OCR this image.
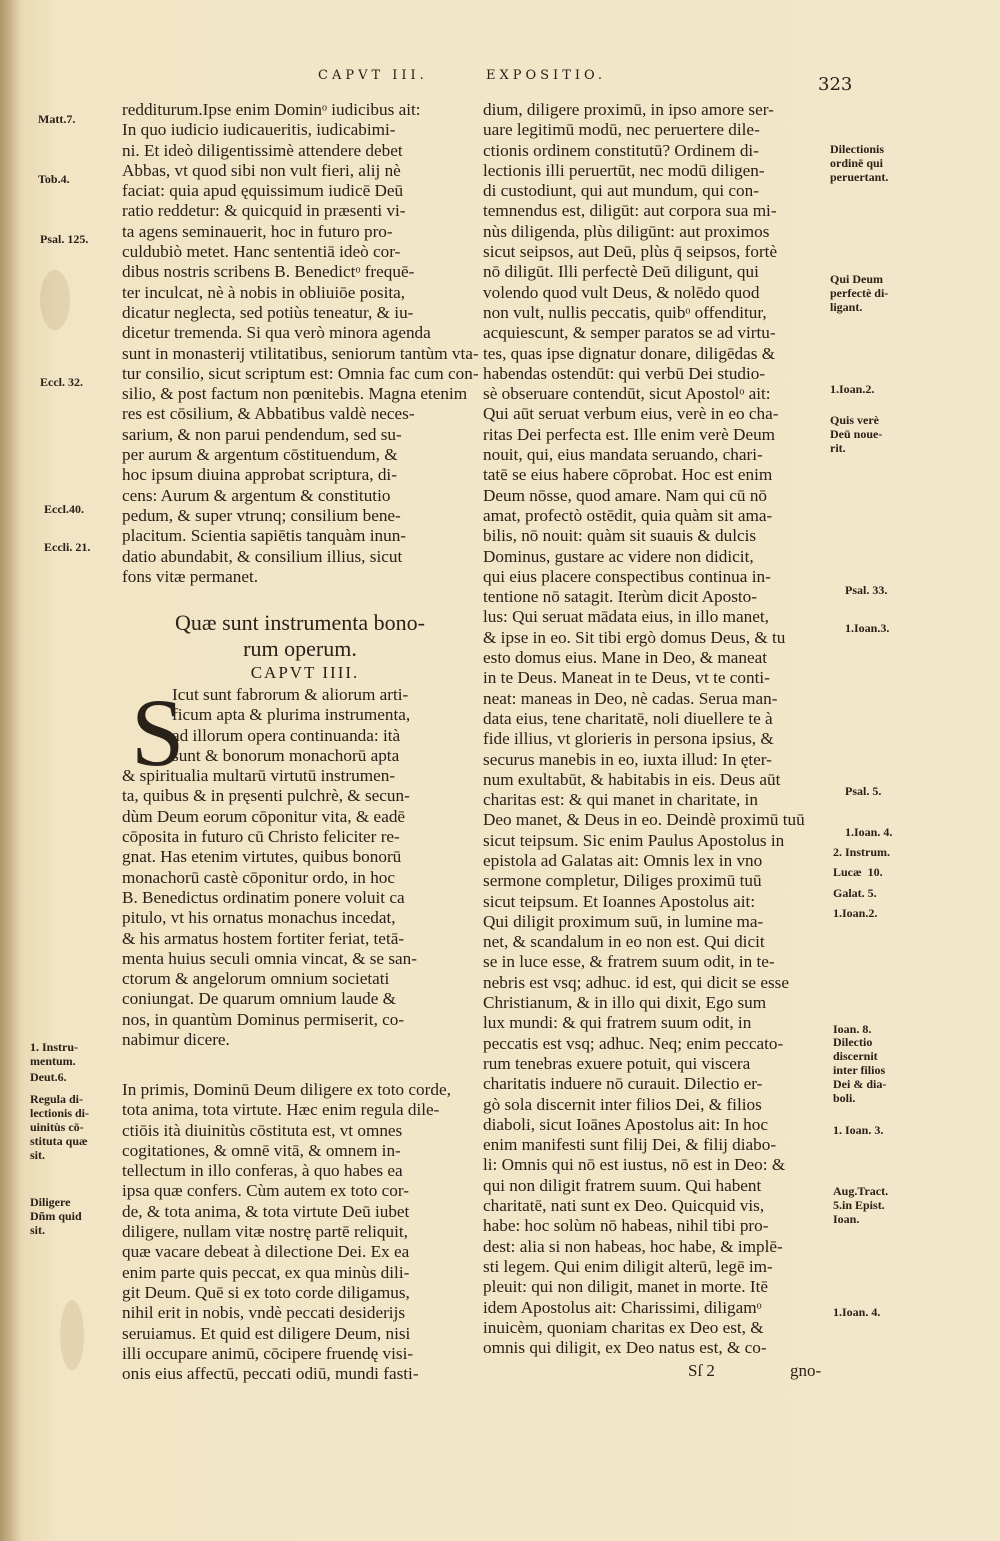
CAPVT III.	EXPOSITIO.	323
redditurum.Ipse enim Dominᵒ iudicibus ait:
In quo iudicio iudicaueritis, iudicabimi-
ni. Et ideò diligentissimè attendere debet
Abbas, vt quod sibi non vult fieri, alij nè
faciat: quia apud ęquissimum iudicē Deū
ratio reddetur: & quicquid in præsenti vi-
ta agens seminauerit, hoc in futuro pro-
culdubiò metet. Hanc sententiā ideò cor-
dibus nostris scribens B. Benedictᵒ frequē-
ter inculcat, nè à nobis in obliuiōe posita,
dicatur neglecta, sed potiùs teneatur, & iu-
dicetur tremenda. Si qua verò minora agenda
sunt in monasterij vtilitatibus, seniorum tantùm vta-
tur consilio, sicut scriptum est: Omnia fac cum con-
silio, & post factum non pœnitebis. Magna etenim
res est cōsilium, & Abbatibus valdè neces-
sarium, & non parui pendendum, sed su-
per aurum & argentum cōstituendum, &
hoc ipsum diuina approbat scriptura, di-
cens: Aurum & argentum & constitutio
pedum, & super vtrunq; consilium bene-
placitum. Scientia sapiētis tanquàm inun-
datio abundabit, & consilium illius, sicut
fons vitæ permanet.
Quæ sunt instrumenta bono-
rum operum.
CAPVT IIII.
S
Icut sunt fabrorum & aliorum arti-
ficum apta & plurima instrumenta,
ad illorum opera continuanda: ità
sunt & bonorum monachorū apta
& spiritualia multarū virtutū instrumen-
ta, quibus & in pręsenti pulchrè, & secun-
dùm Deum eorum cōponitur vita, & eadē
cōposita in futuro cū Christo feliciter re-
gnat. Has etenim virtutes, quibus bonorū
monachorū castè cōponitur ordo, in hoc
B. Benedictus ordinatim ponere voluit ca
pitulo, vt his ornatus monachus incedat,
& his armatus hostem fortiter feriat, tetā-
menta huius seculi omnia vincat, & se san-
ctorum & angelorum omnium societati
coniungat. De quarum omnium laude &
nos, in quantùm Dominus permiserit, co-
nabimur dicere.
In primis, Dominū Deum diligere ex toto corde,
tota anima, tota virtute. Hæc enim regula dile-
ctiōis ità diuinitùs cōstituta est, vt omnes
cogitationes, & omnē vitā, & omnem in-
tellectum in illo conferas, à quo habes ea
ipsa quæ confers. Cùm autem ex toto cor-
de, & tota anima, & tota virtute Deū iubet
diligere, nullam vitæ nostrę partē reliquit,
quæ vacare debeat à dilectione Dei. Ex ea
enim parte quis peccat, ex qua minùs dili-
git Deum. Quē si ex toto corde diligamus,
nihil erit in nobis, vndè peccati desiderijs
seruiamus. Et quid est diligere Deum, nisi
illi occupare animū, cōcipere fruendę visi-
onis eius affectū, peccati odiū, mundi fasti-
dium, diligere proximū, in ipso amore ser-
uare legitimū modū, nec peruertere dile-
ctionis ordinem constitutū? Ordinem di-
lectionis illi peruertūt, nec modū diligen-
di custodiunt, qui aut mundum, qui con-
temnendus est, diligūt: aut corpora sua mi-
nùs diligenda, plùs diligūnt: aut proximos
sicut seipsos, aut Deū, plùs q̄ seipsos, fortè
nō diligūt. Illi perfectè Deū diligunt, qui
volendo quod vult Deus, & nolēdo quod
non vult, nullis peccatis, quibᵒ offenditur,
acquiescunt, & semper paratos se ad virtu-
tes, quas ipse dignatur donare, diligēdas &
habendas ostendūt: qui verbū Dei studio-
sè obseruare contendūt, sicut Apostolᵒ ait:
Qui aūt seruat verbum eius, verè in eo cha-
ritas Dei perfecta est. Ille enim verè Deum
nouit, qui, eius mandata seruando, chari-
tatē se eius habere cōprobat. Hoc est enim
Deum nōsse, quod amare. Nam qui cū nō
amat, profectò ostēdit, quia quàm sit ama-
bilis, nō nouit: quàm sit suauis & dulcis
Dominus, gustare ac videre non didicit,
qui eius placere conspectibus continua in-
tentione nō satagit. Iterùm dicit Aposto-
lus: Qui seruat mādata eius, in illo manet,
& ipse in eo. Sit tibi ergò domus Deus, & tu
esto domus eius. Mane in Deo, & maneat
in te Deus. Maneat in te Deus, vt te conti-
neat: maneas in Deo, nè cadas. Serua man-
data eius, tene charitatē, noli diuellere te à
fide illius, vt glorieris in persona ipsius, &
securus manebis in eo, iuxta illud: In ęter-
num exultabūt, & habitabis in eis. Deus aūt
charitas est: & qui manet in charitate, in
Deo manet, & Deus in eo. Deindè proximū tuū
sicut teipsum. Sic enim Paulus Apostolus in
epistola ad Galatas ait: Omnis lex in vno
sermone completur, Diliges proximū tuū
sicut teipsum. Et Ioannes Apostolus ait:
Qui diligit proximum suū, in lumine ma-
net, & scandalum in eo non est. Qui dicit
se in luce esse, & fratrem suum odit, in te-
nebris est vsq; adhuc. id est, qui dicit se esse
Christianum, & in illo qui dixit, Ego sum
lux mundi: & qui fratrem suum odit, in
peccatis est vsq; adhuc. Neq; enim peccato-
rum tenebras exuere potuit, qui viscera
charitatis induere nō curauit. Dilectio er-
gò sola discernit inter filios Dei, & filios
diaboli, sicut Ioānes Apostolus ait: In hoc
enim manifesti sunt filij Dei, & filij diabo-
li: Omnis qui nō est iustus, nō est in Deo: &
qui non diligit fratrem suum. Qui habent
charitatē, nati sunt ex Deo. Quicquid vis,
habe: hoc solùm nō habeas, nihil tibi pro-
dest: alia si non habeas, hoc habe, & implē-
sti legem. Qui enim diligit alterū, legē im-
pleuit: qui non diligit, manet in morte. Itē
idem Apostolus ait: Charissimi, diligamᵒ
inuicèm, quoniam charitas ex Deo est, &
omnis qui diligit, ex Deo natus est, & co-
Matt.7.
Tob.4.
Psal. 125.
Eccl. 32.
Eccl.40.
Eccli. 21.
1. Instru-
mentum.
Deut.6.
Regula di-
lectionis di-
uinitùs cō-
stituta quæ
sit.
Diligere
Dñm quid
sit.
Dilectionis
ordinē qui
peruertant.
Qui Deum
perfectè di-
ligant.
1.Ioan.2.
Quis verè
Deū noue-
rit.
Psal. 33.
1.Ioan.3.
Psal. 5.
1.Ioan. 4.
2. Instrum.
Lucæ  10.
Galat. 5.
1.Ioan.2.
Ioan. 8.
Dilectio
discernit
inter filios
Dei & dia-
boli.
1. Ioan. 3.
Aug.Tract.
5.in Epist.
Ioan.
1.Ioan. 4.
Sſ 2	gno-
